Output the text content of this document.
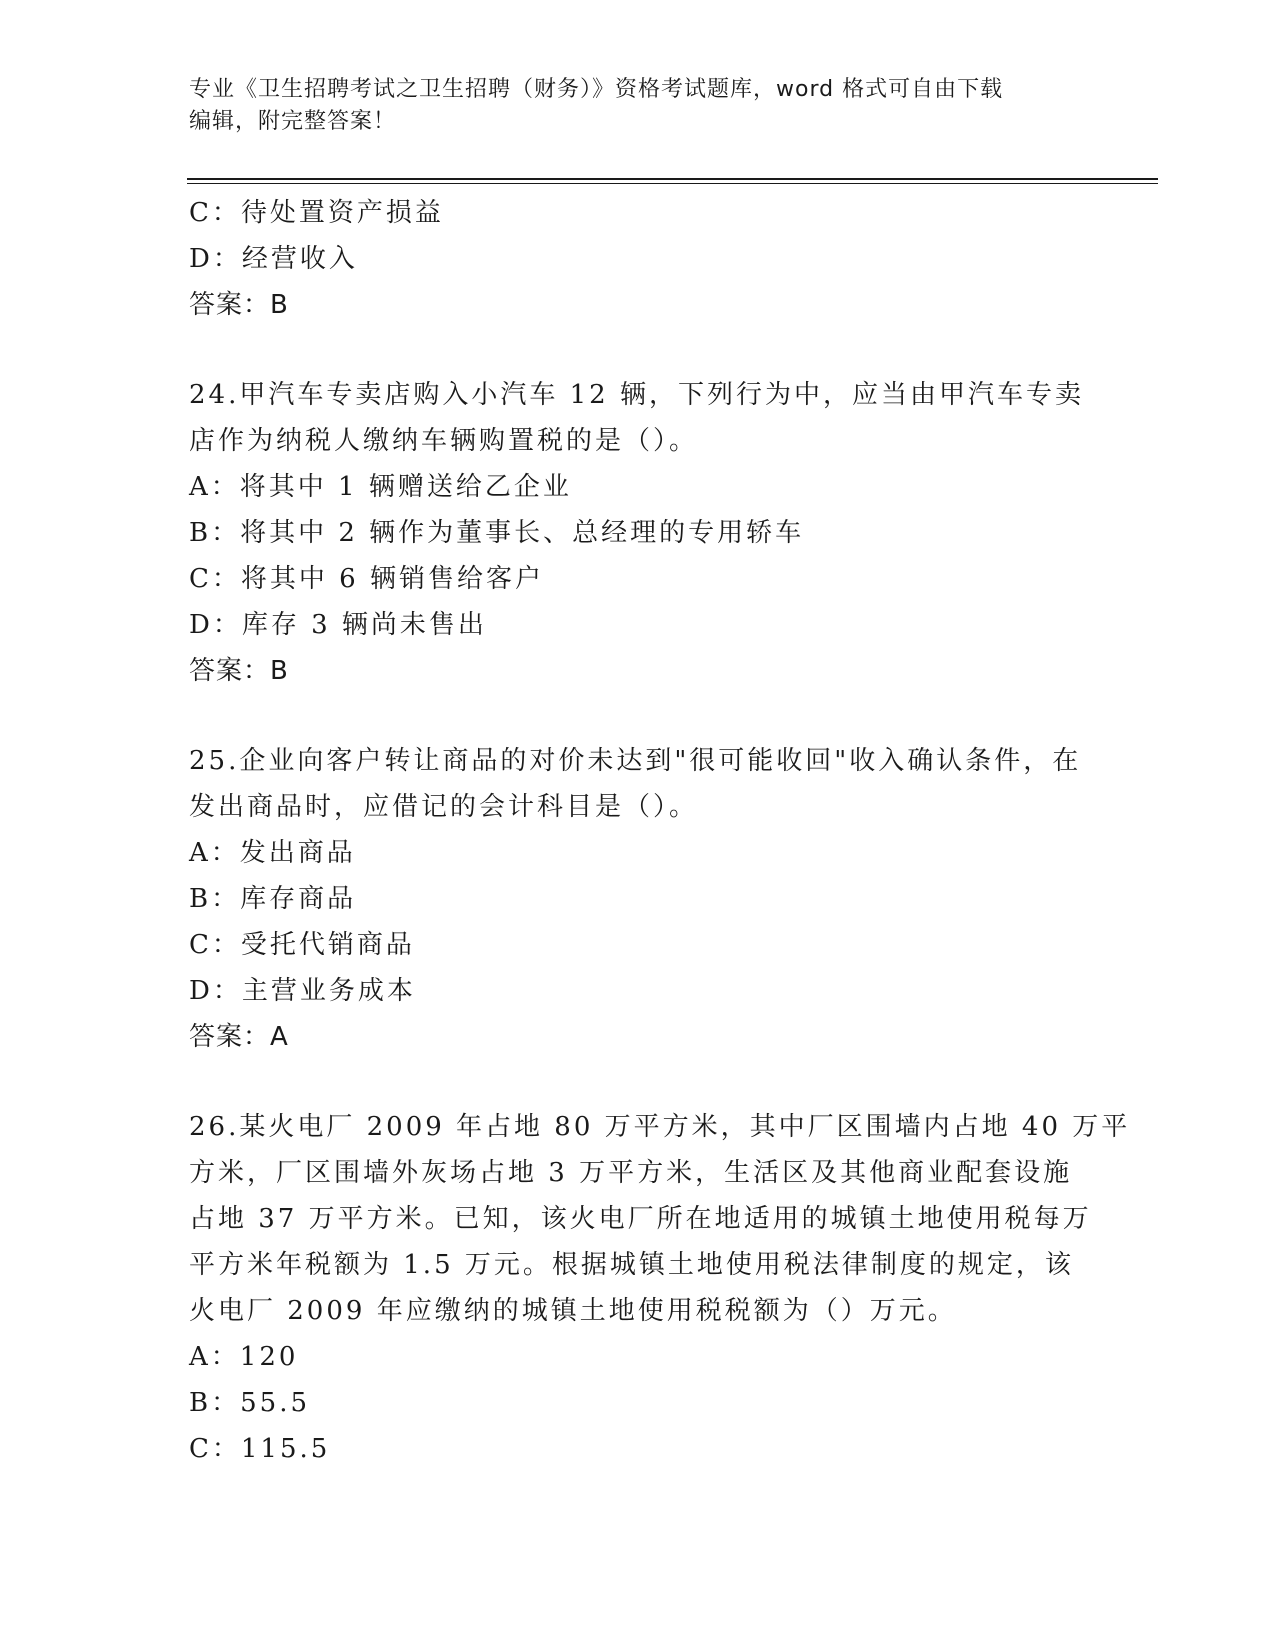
专业《卫生招聘考试之卫生招聘（财务）》资格考试题库，word 格式可自由下载
编辑，附完整答案！
C：待处置资产损益
D：经营收入
答案：B
24.甲汽车专卖店购入小汽车 12 辆，下列行为中，应当由甲汽车专卖
店作为纳税人缴纳车辆购置税的是（）。
A：将其中 1 辆赠送给乙企业
B：将其中 2 辆作为董事长、总经理的专用轿车
C：将其中 6 辆销售给客户
D：库存 3 辆尚未售出
答案：B
25.企业向客户转让商品的对价未达到"很可能收回"收入确认条件，在
发出商品时，应借记的会计科目是（）。
A：发出商品
B：库存商品
C：受托代销商品
D：主营业务成本
答案：A
26.某火电厂 2009 年占地 80 万平方米，其中厂区围墙内占地 40 万平
方米，厂区围墙外灰场占地 3 万平方米，生活区及其他商业配套设施
占地 37 万平方米。已知，该火电厂所在地适用的城镇土地使用税每万
平方米年税额为 1.5 万元。根据城镇土地使用税法律制度的规定，该
火电厂 2009 年应缴纳的城镇土地使用税税额为（）万元。
A：120
B：55.5
C：115.5
